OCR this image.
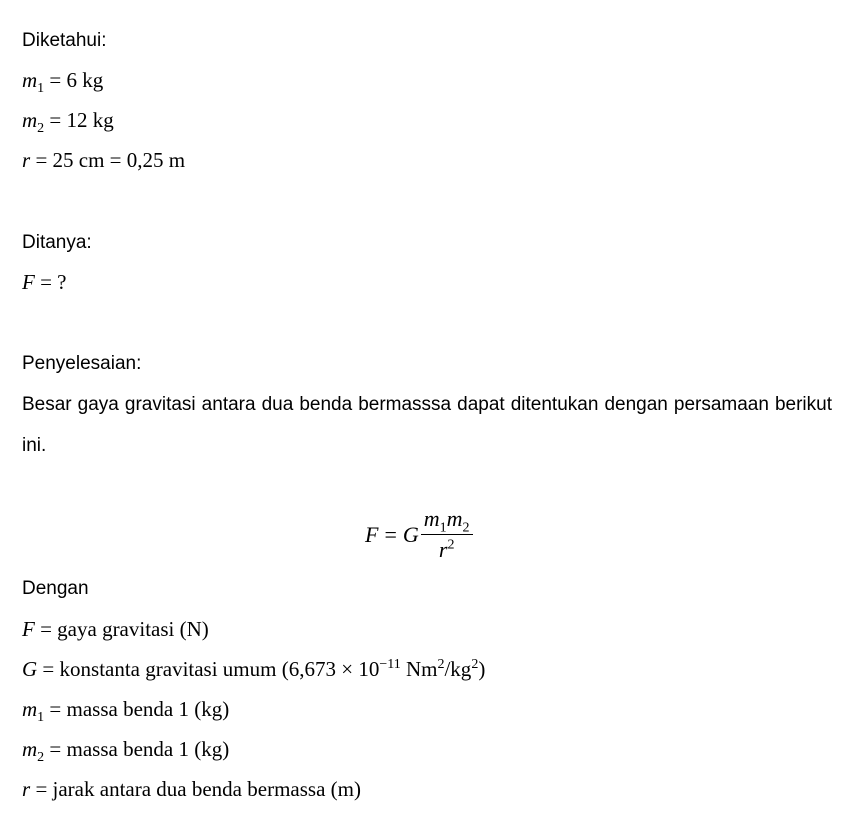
Diketahui:
$m_1 = 6$ kg
$m_2 = 12$ kg
r = 25 cm = 0,25 m
Ditanya:
F = ?
Penyelesaian:
Besar gaya gravitasi antara dua benda bermasssa dapat ditentukan dengan persamaan berikut ini.
F = G $\frac{m_1m_2}{r^2}$
Dengan
F = gaya gravitasi (N)
G = konstanta gravitasi umum ($6,673 \times 10^{-11}$ $Nm^2/kg^2$)
$m_1$ = massa benda 1 (kg)
$m_2$ = massa benda 1 (kg)
r = jarak antara dua benda bermassa (m)
